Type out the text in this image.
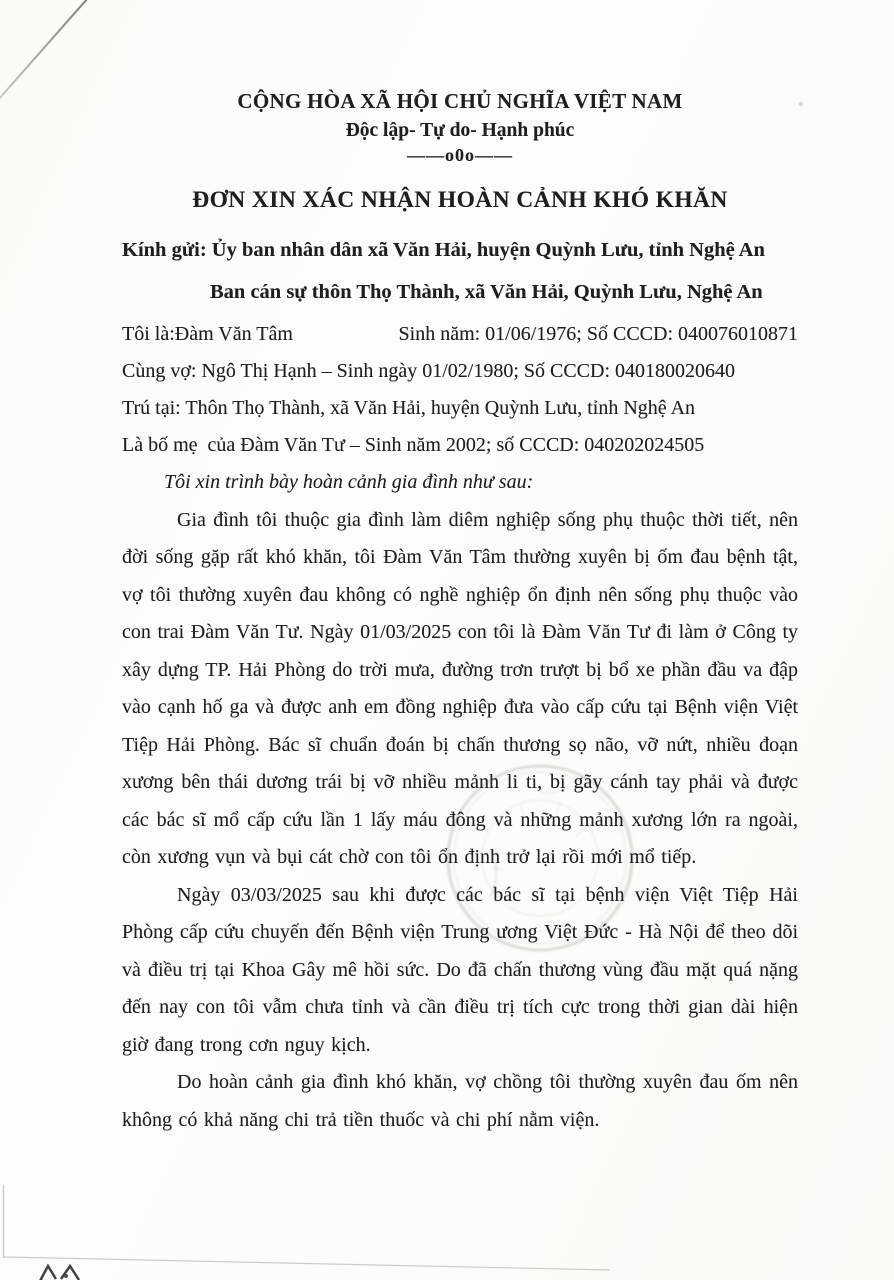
CỘNG HÒA XÃ HỘI CHỦ NGHĨA VIỆT NAM
Độc lập- Tự do- Hạnh phúc
——o0o——
ĐƠN XIN XÁC NHẬN HOÀN CẢNH KHÓ KHĂN
Kính gửi: Ủy ban nhân dân xã Văn Hải, huyện Quỳnh Lưu, tỉnh Nghệ An
Ban cán sự thôn Thọ Thành, xã Văn Hải, Quỳnh Lưu, Nghệ An
Tôi là:Đàm Văn Tâm	Sinh năm: 01/06/1976; Số CCCD: 040076010871
Cùng vợ: Ngô Thị Hạnh – Sinh ngày 01/02/1980; Số CCCD: 040180020640
Trú tại: Thôn Thọ Thành, xã Văn Hải, huyện Quỳnh Lưu, tỉnh Nghệ An
Là bố mẹ  của Đàm Văn Tư – Sinh năm 2002; số CCCD: 040202024505

Tôi xin trình bày hoàn cảnh gia đình như sau:

Gia đình tôi thuộc gia đình làm diêm nghiệp sống phụ thuộc thời tiết, nên đời sống gặp rất khó khăn, tôi Đàm Văn Tâm thường xuyên bị ốm đau bệnh tật, vợ tôi thường xuyên đau không có nghề nghiệp ổn định nên sống phụ thuộc vào con trai Đàm Văn Tư. Ngày 01/03/2025 con tôi là Đàm Văn Tư đi làm ở Công ty xây dựng TP. Hải Phòng do trời mưa, đường trơn trượt bị bổ xe phần đầu va đập vào cạnh hố ga và được anh em đồng nghiệp đưa vào cấp cứu tại Bệnh viện Việt Tiệp Hải Phòng. Bác sĩ chuẩn đoán bị chấn thương sọ não, vỡ nứt, nhiều đoạn xương bên thái dương trái bị vỡ nhiều mảnh li ti, bị gãy cánh tay phải và được các bác sĩ mổ cấp cứu lần 1 lấy máu đông và những mảnh xương lớn ra ngoài, còn xương vụn và bụi cát chờ con tôi ổn định trở lại rồi mới mổ tiếp.

Ngày 03/03/2025 sau khi được các bác sĩ tại bệnh viện Việt Tiệp Hải Phòng cấp cứu chuyến đến Bệnh viện Trung ương Việt Đức - Hà Nội để theo dõi và điều trị tại Khoa Gây mê hồi sức. Do đã chấn thương vùng đầu mặt quá nặng đến nay con tôi vẫm chưa tỉnh và cần điều trị tích cực trong thời gian dài hiện giờ đang trong cơn nguy kịch.

Do hoàn cảnh gia đình khó khăn, vợ chồng tôi thường xuyên đau ốm nên không có khả năng chi trả tiền thuốc và chi phí nằm viện.
